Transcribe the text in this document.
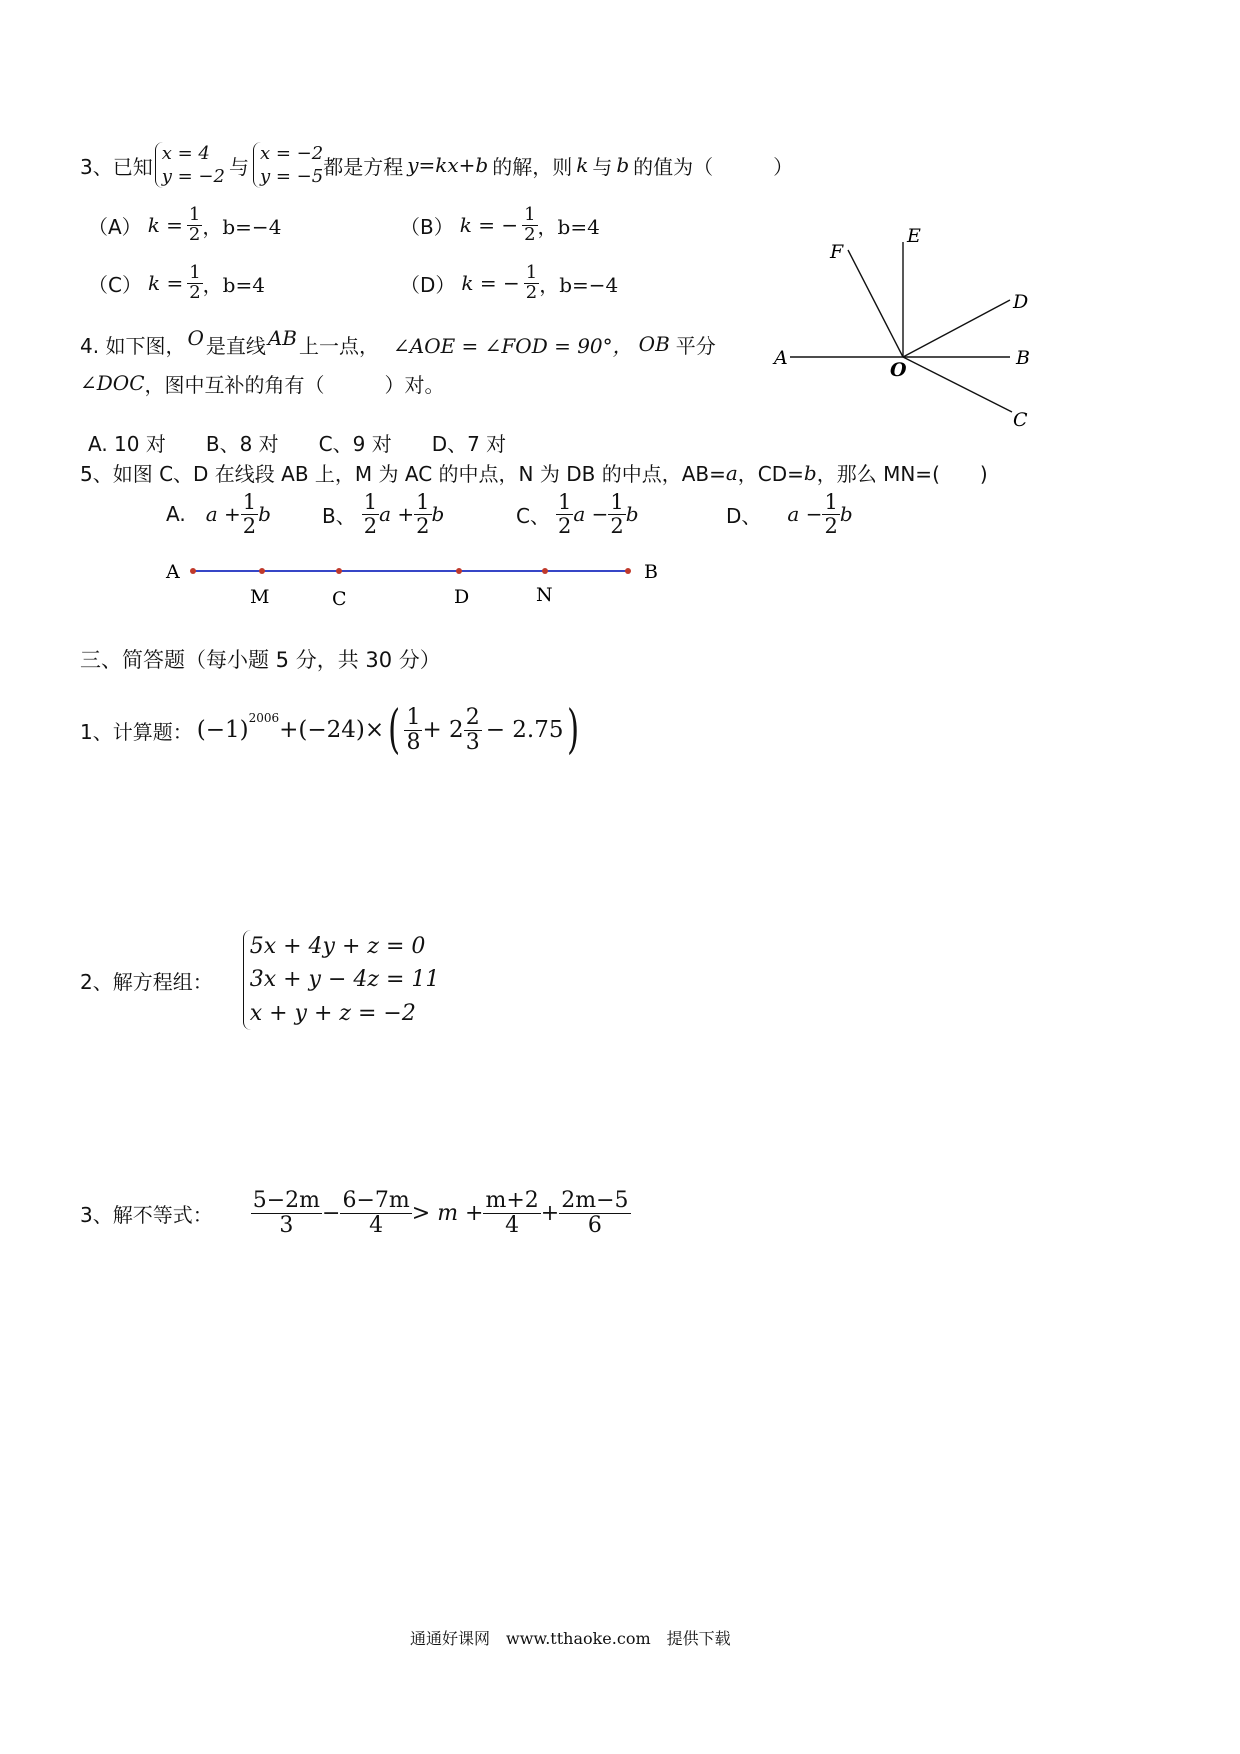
3、已知
x = 4
y = −2 与
x = −2
y = −5 都是方程 y=kx+b 的解，则 k 与 b 的值为（　　　）
（A） $k = \frac{1}{2}$ ，b=−4	（B） k = − $\frac{1}{2}$ ，b=4
（C） $k = \frac{1}{2}$ ，b=4	（D） k = − $\frac{1}{2}$ ，b=−4
A	B
C
D
E
F
O
4. 如下图， O 是直线 AB 上一点， ∠AOE = ∠FOD = 90°， OB 平分
∠DOC ，图中互补的角有（　　　）对。
A. 10 对　　B、8 对　　C、9 对　　D、7 对
5、如图 C、D 在线段 AB 上，M 为 AC 的中点，N 为 DB 的中点，AB= a ，CD= b ，那么 MN=(　　)
A. $a + \frac{1}{2}$ b	B、 $\frac{1}{2}$ $a + \frac{1}{2}$ b	C、 $\frac{1}{2}$ $a - \frac{1}{2}$ b	D、 $a - \frac{1}{2}$ b
A	B
M	C	D	N
三、简答题（每小题 5 分，共 30 分）
1、计算题： (−1) 2006 +(−24)× ( $\frac{1}{8} + 2 \frac{2}{3} - 2.75$ )
2、解方程组：
5x + 4y + z = 0
3x + y − 4z = 11
x + y + z = −2
3、解不等式： $\frac{5-2m}{3} - \frac{6-7m}{4} > m + \frac{m+2}{4} + \frac{2m-5}{6}$
通通好课网　www.tthaoke.com　提供下载
